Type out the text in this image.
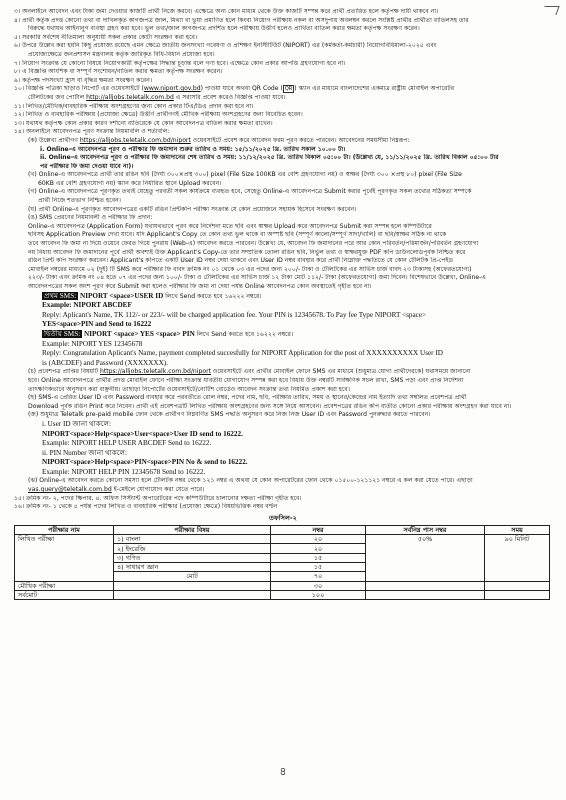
৩। অনলাইনে আবেদন এবং টাকা জমা দেওয়ার কাজটি প্রার্থী নিজে করবে। এক্ষেত্রে অন্য কোন মাধ্যম থেকে উক্ত কাজটি সম্পন্ন করে প্রার্থী প্রতারিত হলে কর্তৃপক্ষ দায়ী থাকবে না।
৪। প্রার্থী কর্তৃক প্রদত্ত কোনো তথ্য বা দাখিলকৃত কাগজপত্র জাল, মিথ্যা বা ভুয়া প্রমাণিত হলে কিংবা নিয়োগ পরীক্ষায় নকল বা অসদুপায় অবলম্বন করলে সংশ্লিষ্ট প্রার্থীর প্রার্থীতা বাতিলসহ তার
বিরুদ্ধে যথাযথ আইনানুগ ব্যবস্থা গ্রহণ করা হবে। ভুল তথ্য/জাল কাগজপত্র প্রদর্শিত হলে পরীক্ষায় উত্তীর্ণ হলেও প্রার্থিতা বাতিল করার ক্ষমতা কর্তৃপক্ষ সংরক্ষণ করেন।
৫। সরকারি সর্বশেষ নীতিমালা অনুযায়ী সকল প্রকার কোটা সংরক্ষণ করা হবে।
৬। উপরে উল্লেখ করা হয়নি কিছু প্রযোজ্য রয়েছে এমন ক্ষেত্রে জাতীয় জনসংখ্যা গবেষণা ও প্রশিক্ষণ ইনস্টিটিউট (NIPORT) এর (কর্মকর্তা-কর্মচারী) নিয়োগবিধিমালা-২০২৫ এবং
প্রযোজ্যক্ষেত্রে জনপ্রশাসন মন্ত্রণালয় কর্তৃক জারিকৃত বিধি-বিধান প্রযোজ্য হবে।
৭। নিয়োগ সংক্রান্ত যে কোনো বিষয়ে নিয়োগকারী কর্তৃপক্ষের সিদ্ধান্ত চূড়ান্ত বলে গণ্য হবে। এক্ষেত্রে কোন প্রকার আপত্তি গ্রহণযোগ্য হবে না।
৮। এ বিজ্ঞপ্তি আংশিক বা সম্পূর্ণ সংশোধন/বাতিল করার ক্ষমতা কর্তৃপক্ষ সংরক্ষণ করেন।
৯। কর্তৃপক্ষ পদসংখ্যা হ্রাস বা বৃদ্ধির ক্ষমতা সংরক্ষণ করেন।
১০। বিজ্ঞপ্তি পত্রিকা ছাড়াও নিপোর্ট এর ওয়েবসাইটে (www.niport.gov.bd) পাওয়া যাবে অথবা QR Code ( QR ) স্ক্যান এর মাধ্যমে বাংলাদেশের একমাত্র রাষ্ট্রীয় মোবাইল অপারেটর
টেলিটকের জব পোর্টাল http://alljobs.teletalk.com.bd এ সরাসরি প্রবেশ করেও বিজ্ঞপ্তি পাওয়া যাবে।
১১। লিখিত/মৌখিক/ব্যবহারিক পরীক্ষায় অংশগ্রহণের জন্য কোন প্রকার টিএ/ডিএ প্রদান করা হবে না।
১২। লিখিত ও ব্যবহারিক পরীক্ষায় (প্রযোজ্য ক্ষেত্রে) উত্তীর্ণ প্রার্থীগণই মৌখিক পরীক্ষায় অংশগ্রহণের জন্য বিবেচিত হবেন।
১৩। যথাযথ কর্তৃপক্ষ কোন প্রকার কারণ দর্শানো ব্যতিরেকে যে কোন আবেদনপত্র বাতিল করার ক্ষমতা রাখেন।
১৪। অনলাইনে আবেদনপত্র পূরণ সংক্রান্ত নিয়মাবলি ও শর্তাবলি:
(ক) উল্লেখ্য প্রার্থীগণ https://alljobs.teletalk.com.bd/niport ওয়েবসাইটে প্রবেশ করে আবেদন ফরম পূরণ করতে পারবেন। আবেদনের সময়সীমা নিম্নরূপ:
i. Online-এ আবেদনপত্র পূরণ ও পরীক্ষার ফি জমাদান শুরুর তারিখ ও সময়: ১৫/১১/২০২৫ খ্রি. তারিখ সকাল ১০.০০ টা।
ii. Online-এ আবেদনপত্র পূরণ ও পরীক্ষার ফি জমাদানের শেষ তারিখ ও সময়: ১১/১২/২০২৫ খ্রি. তারিখ বিকাল ০৫:০০ টা। (উল্লেখ্য যে, ১১/১১/২০২৫ খ্রি. তারিখ বিকাল ০৫:০০ টার
পর পরীক্ষার ফি জমা দেওয়া যাবে না)।
(খ) Online-এ আবেদনপত্রে প্রার্থী তার রঙিন ছবি (দৈর্ঘ্য ৩০০×প্রস্থ ৩০০) pixel (File Size 100KB এর বেশি গ্রহণযোগ্য নয়) ও স্বাক্ষর (দৈর্ঘ্য ৩০০ ×প্রস্থ ৮০) pixel (File Size
60KB এর বেশি গ্রহণযোগ্য নয়) স্ক্যান করে নির্ধারিত স্থানে Upload করবেন।
(গ) Online-এ আবেদনপত্রে পূরণকৃত তথ্যই যেহেতু পরবর্তী সকল কার্যক্রমে ব্যবহৃত হবে, সেহেতু Online-এ আবেদনপত্রে Submit করার পূর্বেই পূরণকৃত সকল তথ্যের সঠিকতা সম্পর্কে
প্রার্থী নিজে শতভাগ নিশ্চিত হবেন।
(ঘ) প্রার্থী Online-এ পূরণকৃত আবেদনপত্রের একটি রঙিন প্রিন্টকপি পরীক্ষা সংক্রান্ত যে কোন প্রয়োজনে সহায়ক হিসেবে সংরক্ষণ করবেন।
(ঙ) SMS প্রেরণের নিয়মাবলী ও পরীক্ষার ফি প্রদান:
Online-এ আবেদনপত্র (Application Form) যথাযথভাবে পূরণ করে নির্দেশনা মতে ছবি এবং স্বাক্ষর Upload করে আবেদনপত্র Submit করা সম্পন্ন হলে কম্পিউটারে
ছবিসহ Application Preview দেখা যাবে। যদি Applicant's Copy তে কোন তথ্য ভুল থাকে বা অস্পষ্ট ছবি (সম্পূর্ণ কালো/সম্পূর্ণ সাদা/খালি) বা ছবি/স্বাক্ষর সঠিক না থাকে
তবে আবেদন ফি জমা না দিয়ে ওয়েবে ফেরত গিয়ে পুনরায় (Web-এ) আবেদন করতে পারবেন। উল্লেখ্য যে, আবেদন ফি জমাদানের পরে আর কোন পরিবর্তন/পরিমার্জন/পরিবর্তন গ্রহণযোগ্য
নয় বিধায় আবেদন ফি জমাদানের পূর্বে প্রার্থী অবশ্যই উক্ত Applicant's Copy-তে তার সম্প্রতিক তোলা রঙিন ছবি, নির্ভুল তথ্য ও স্বাক্ষরযুক্ত PDF কপি ডাউনলোডপূর্বক নিশ্চিত করে
রঙিন প্রিন্ট কপি সংরক্ষণ করবেন। Applicant's কপিতে একটি User ID নম্বর দেয়া থাকবে এবং User ID নম্বর ব্যবহার করে প্রার্থী নিম্নোক্ত পদ্ধতিতে যে কোন টেলিটক প্রি-পেইড
মোবাইল নম্বরের মাধ্যমে ০২ (দুই) টি SMS করে পরীক্ষার ফি বাবদ ক্রমিক নং ০১ থেকে ০৩ এর পদের জন্য ২০০/- টাকা ও টেলিটকের এর সার্ভিস চার্জ বাবদ ২৩ টাকাসহ (অফেরতযোগ্য)
২২৩/- টাকা এবং ক্রমিক নং ০৪ হতে ০৭ এর পদের জন্য ১০০/- টাকা ও টেলিটকের এর সার্ভিস চার্জ ১২ টাকা মোট ১১২/- টাকা (অফেরতযোগ্য) জমা দিবেন। বিশেষভাবে উল্লেখ্য, Online-এ
আবেদনপত্রের সকল অংশ পূরণ করে Submit করা হলেও পরীক্ষার ফি জমা না দেয়া পর্যন্ত Online আবেদনপত্র কোন অবস্থাতেই গৃহীত হবে না।
প্রথম SMS: NIPORT <space>USER ID লিখে Send করতে হবে ১৬২২২ নম্বরে।
Example: NIPORT ABCDEF
Reply: Aplicant's Name, TK 112/- or 223/- will be charged application fee. Your PIN is 12345678. To Pay fee Type NIPORT <space>
YES<space>PIN and Send to 16222
দ্বিতীয় SMS: NIPORT <space> YES <space> PIN লিখে Send করতে হবে ১৬২২২ নম্বরে।
Example: NIPORT YES 12345678
Reply: Congratulation Aplicant's Name, payment completed succesfully for NIPORT Application for the post of XXXXXXXXXX User ID
is (ABCDEF) and Password (XXXXXXX).
(চ) প্রবেশপত্র প্রাপ্তির বিষয়টি https://alljobs.teletalk.com.bd/niport ওয়েবসাইটে এবং প্রার্থীর মোবাইল ফোনে SMS এর মাধ্যমে (শুধুমাত্র যোগ্য প্রার্থীদেরকে) যথাসময়ে জানানো
হবে। Online আবেদনপত্রে প্রার্থীর প্রদত্ত মোবাইল ফোনে পরীক্ষা সংক্রান্ত যাবতীয় যোগাযোগ সম্পন্ন করা হবে বিধায় উক্ত নম্বরটি সার্বক্ষণিক সচল রাখা, SMS পড়া এবং প্রাপ্ত নির্দেশনা
তাৎক্ষণিকভাবে অনুসরণ করা বাঞ্ছনীয়। তাছাড়া নিপোর্টের ওয়েবসাইটে/নোটিশ বোর্ডেও আবেদন সংক্রান্ত তথ্য নিয়মিত প্রকাশ করা হবে।
(ছ) SMS-এ প্রেরিত User ID এবং Password ব্যবহার করে পরবর্তীতে রোল নম্বর, পদের নাম, ছবি, পরীক্ষার তারিখ, সময় ও স্থানের/কেন্দ্রের নাম ইত্যাদি তথ্য সম্বলিত প্রবেশপত্র প্রার্থী
Download পূর্বক রঙিন Print করে নিবেন। প্রার্থী এই প্রবেশপত্রটি লিখিত পরীক্ষায় অংশগ্রহণের জন্য সঙ্গে নিয়ে আসবেন। প্রবেশপত্রের রঙিন কপি ব্যতীত কোনো প্রকার পরীক্ষায় অংশগ্রহণ করা যাবে না।
(জ) শুধুমাত্র Teletalk pre-paid mobile ফোন থেকে প্রার্থীগণ নিম্নবর্ণিত SMS পদ্ধতি অনুসরণ করে নিজ নিজ User ID এবং Password পুনরুদ্ধার করতে পারবেন।
i. User ID জানা থাকলে:
NIPORT<space>Help<space>User<space>User ID send to 16222.
Example: NIPORT HELP USER ABCDEF Send to 16222.
ii. PIN Number জানা থাকলে:
NIPORT<space>Help<space>PIN<space>PIN No & send to 16222.
Example: NIPORT HELP PIN 12345678 Send to 16222.
(ঝ) Online-এ আবেদন করতে কোনো সমস্যা হলে টেলিটক নম্বর থেকে ১২১ নম্বর এ অথবা যে কোন অপারেটরের ফোন থেকে ০১৫০০-১২১১২১ নম্বরে এ কল করা যেতে পারে। এছাড়া
vas.query@teletalk.com.bd ই-মেইলে যোগাযোগ করা যেতে পারে।
১৫। ক্রমিক নং- ২, পদের ক্ষিপার, ৪. অফিস সিস্ট্যান্ট অপারেটরের পদে কম্পিউটারে চালানোর দক্ষতা পরীক্ষা গৃহীত হবে।
১৬। ক্রমিক নং- ১ থেকে ৫ পর্যন্ত পদের লিখিত ও ব্যবহারিক পরীক্ষার (প্রযোজ্য ক্ষেত্রে) বিষয়ভিত্তিক নম্বর বণ্টন
তফসিল-২
পরীক্ষার নাম	পরীক্ষার বিষয়	নম্বর	সর্বনিম্ন পাস নম্বর	সময়
লিখিত পরীক্ষা	১) বাংলা	২০	৫০%	৯০ মিনিট
	২) ইংরেজি	২০		
	৩) গণিত	১৫		
	৪) সাধারণ জ্ঞান	১৫		
	মোট	৭০		
মৌখিক পরীক্ষা		৩০		
সর্বমোট		১০০		
৪
